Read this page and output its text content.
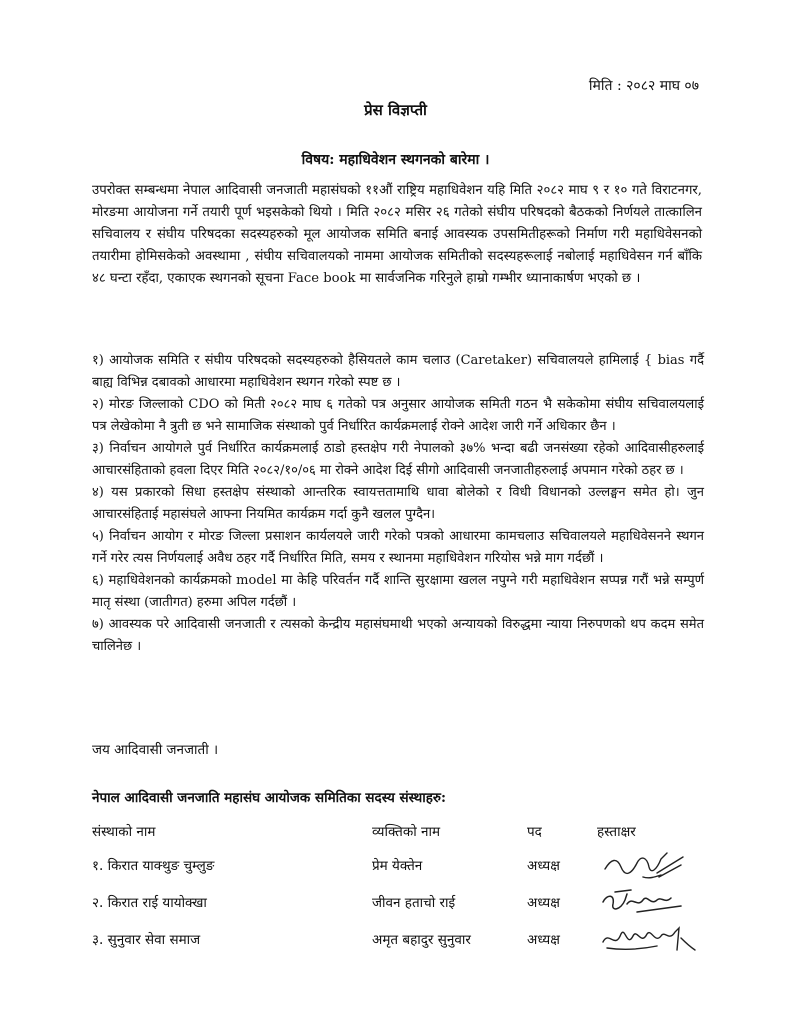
मिति : २०८२ माघ ०७
प्रेस विज्ञप्ती
विषय: महाधिवेशन स्थगनको बारेमा ।

उपरोक्त सम्बन्धमा नेपाल आदिवासी जनजाती महासंघको ११औं राष्ट्रिय महाधिवेशन यहि मिति २०८२ माघ ९ र १० गते विराटनगर, मोरङमा आयोजना गर्ने तयारी पूर्ण भइसकेको थियो । मिति २०८२ मसिर २६ गतेको संघीय परिषदको बैठकको निर्णयले तात्कालिन सचिवालय र संघीय परिषदका सदस्यहरुको मूल आयोजक समिति बनाई आवस्यक उपसमितीहरूको निर्माण गरी महाधिवेसनको तयारीमा होमिसकेको अवस्थामा , संघीय सचिवालयको नाममा आयोजक समितीको सदस्यहरूलाई नबोलाई महाधिवेसन गर्न बाँकि ४८ घन्टा रहँदा, एकाएक स्थगनको सूचना Face book मा सार्वजनिक गरिनुले हाम्रो गम्भीर ध्यानाकार्षण भएको छ ।

१) आयोजक समिति र संघीय परिषदको सदस्यहरुको हैसियतले काम चलाउ (Caretaker) सचिवालयले हामिलाई { bias गर्दै बाह्य विभिन्न दबावको आधारमा महाधिवेशन स्थगन गरेको स्पष्ट छ ।
२) मोरङ जिल्लाको CDO को मिती २०८२ माघ ६ गतेको पत्र अनुसार आयोजक समिती गठन भै सकेकोमा संघीय सचिवालयलाई पत्र लेखेकोमा नै त्रुती छ भने सामाजिक संस्थाको पुर्व निर्धारित कार्यक्रमलाई रोक्ने आदेश जारी गर्ने अधिकार छैन ।
३) निर्वाचन आयोगले पुर्व निर्धारित कार्यक्रमलाई ठाडो हस्तक्षेप गरी नेपालको ३७% भन्दा बढी जनसंख्या रहेको आदिवासीहरुलाई आचारसंहिताको हवला दिएर मिति २०८२/१०/०६ मा रोक्ने आदेश दिई सीगो आदिवासी जनजातीहरुलाई अपमान गरेको ठहर छ ।
४) यस प्रकारको सिधा हस्तक्षेप संस्थाको आन्तरिक स्वायत्ततामाथि धावा बोलेको र विधी विधानको उल्लङ्घन समेत हो। जुन आचारसंहिताई महासंघले आफ्ना नियमित कार्यक्रम गर्दा कुनै खलल पुग्दैन।
५) निर्वाचन आयोग र मोरङ जिल्ला प्रसाशन कार्यलयले जारी गरेको पत्रको आधारमा कामचलाउ सचिवालयले महाधिवेसनने स्थगन गर्ने गरेर त्यस निर्णयलाई अवैध ठहर गर्दै निर्धारित मिति, समय र स्थानमा महाधिवेशन गरियोस भन्ने माग गर्दछौं ।
६) महाधिवेशनको कार्यक्रमको model मा केहि परिवर्तन गर्दै शान्ति सुरक्षामा खलल नपुग्ने गरी महाधिवेशन सप्पन्न गरौं भन्ने सम्पुर्ण मातृ संस्था (जातीगत) हरुमा अपिल गर्दछौं ।
७) आवस्यक परे आदिवासी जनजाती र त्यसको केन्द्रीय महासंघमाथी भएको अन्यायको विरुद्धमा न्याया निरुपणको थप कदम समेत चालिनेछ ।
जय आदिवासी जनजाती ।
नेपाल आदिवासी जनजाति महासंघ आयोजक समितिका सदस्य संस्थाहरु:
संस्थाको नाम	व्यक्तिको नाम	पद	हस्ताक्षर
१. किरात याक्थुङ चुम्लुङ	प्रेम येक्तेन	अध्यक्ष	

२. किरात राई यायोक्खा	जीवन हताचो राई	अध्यक्ष	

३. सुनुवार सेवा समाज	अमृत बहादुर सुनुवार	अध्यक्ष	
